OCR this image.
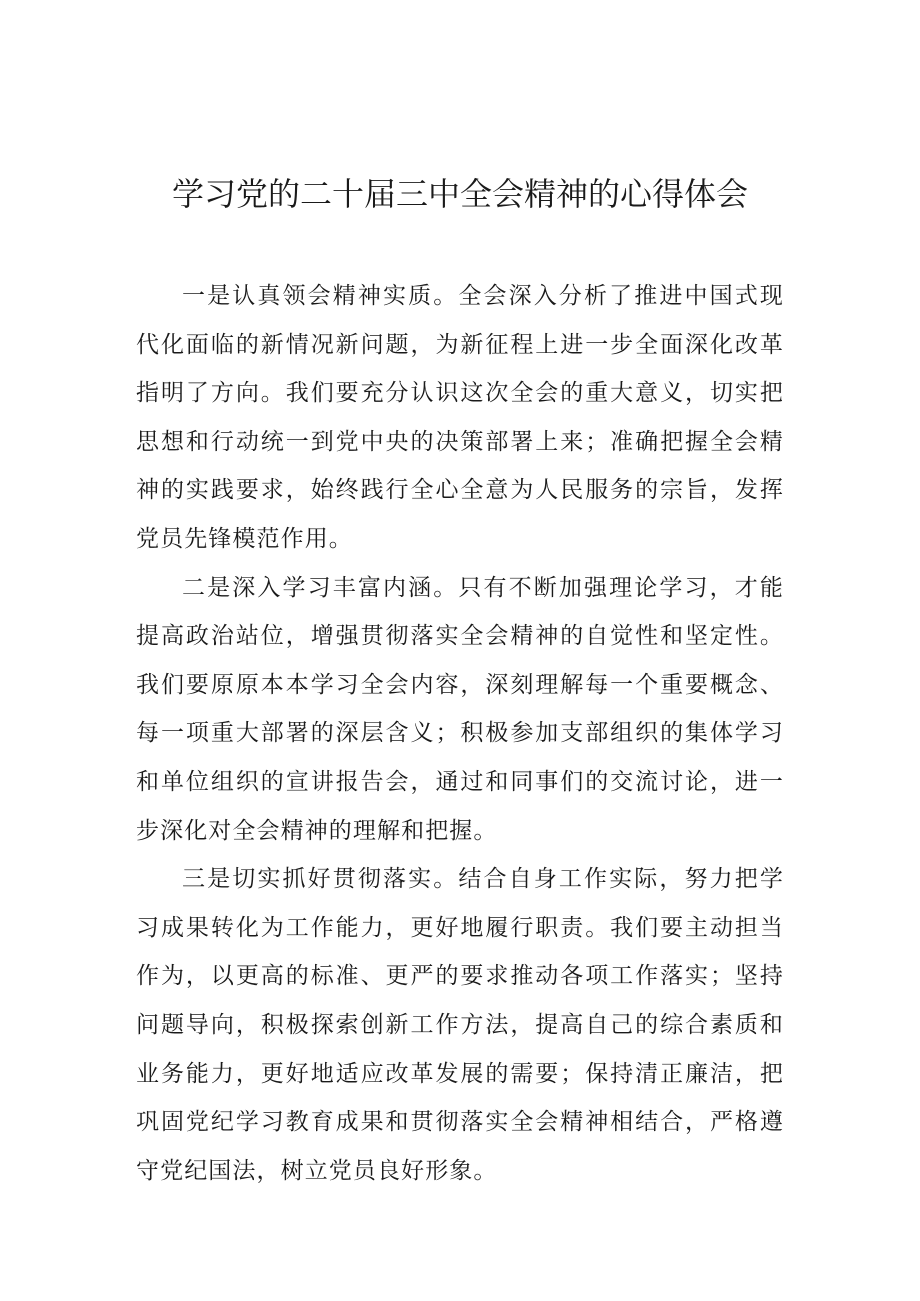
学习党的二十届三中全会精神的心得体会

一是认真领会精神实质。全会深入分析了推进中国式现代化面临的新情况新问题，为新征程上进一步全面深化改革指明了方向。我们要充分认识这次全会的重大意义，切实把思想和行动统一到党中央的决策部署上来；准确把握全会精神的实践要求，始终践行全心全意为人民服务的宗旨，发挥党员先锋模范作用。

二是深入学习丰富内涵。只有不断加强理论学习，才能提高政治站位，增强贯彻落实全会精神的自觉性和坚定性。我们要原原本本学习全会内容，深刻理解每一个重要概念、每一项重大部署的深层含义；积极参加支部组织的集体学习和单位组织的宣讲报告会，通过和同事们的交流讨论，进一步深化对全会精神的理解和把握。

三是切实抓好贯彻落实。结合自身工作实际，努力把学习成果转化为工作能力，更好地履行职责。我们要主动担当作为，以更高的标准、更严的要求推动各项工作落实；坚持问题导向，积极探索创新工作方法，提高自己的综合素质和业务能力，更好地适应改革发展的需要；保持清正廉洁，把巩固党纪学习教育成果和贯彻落实全会精神相结合，严格遵守党纪国法，树立党员良好形象。
